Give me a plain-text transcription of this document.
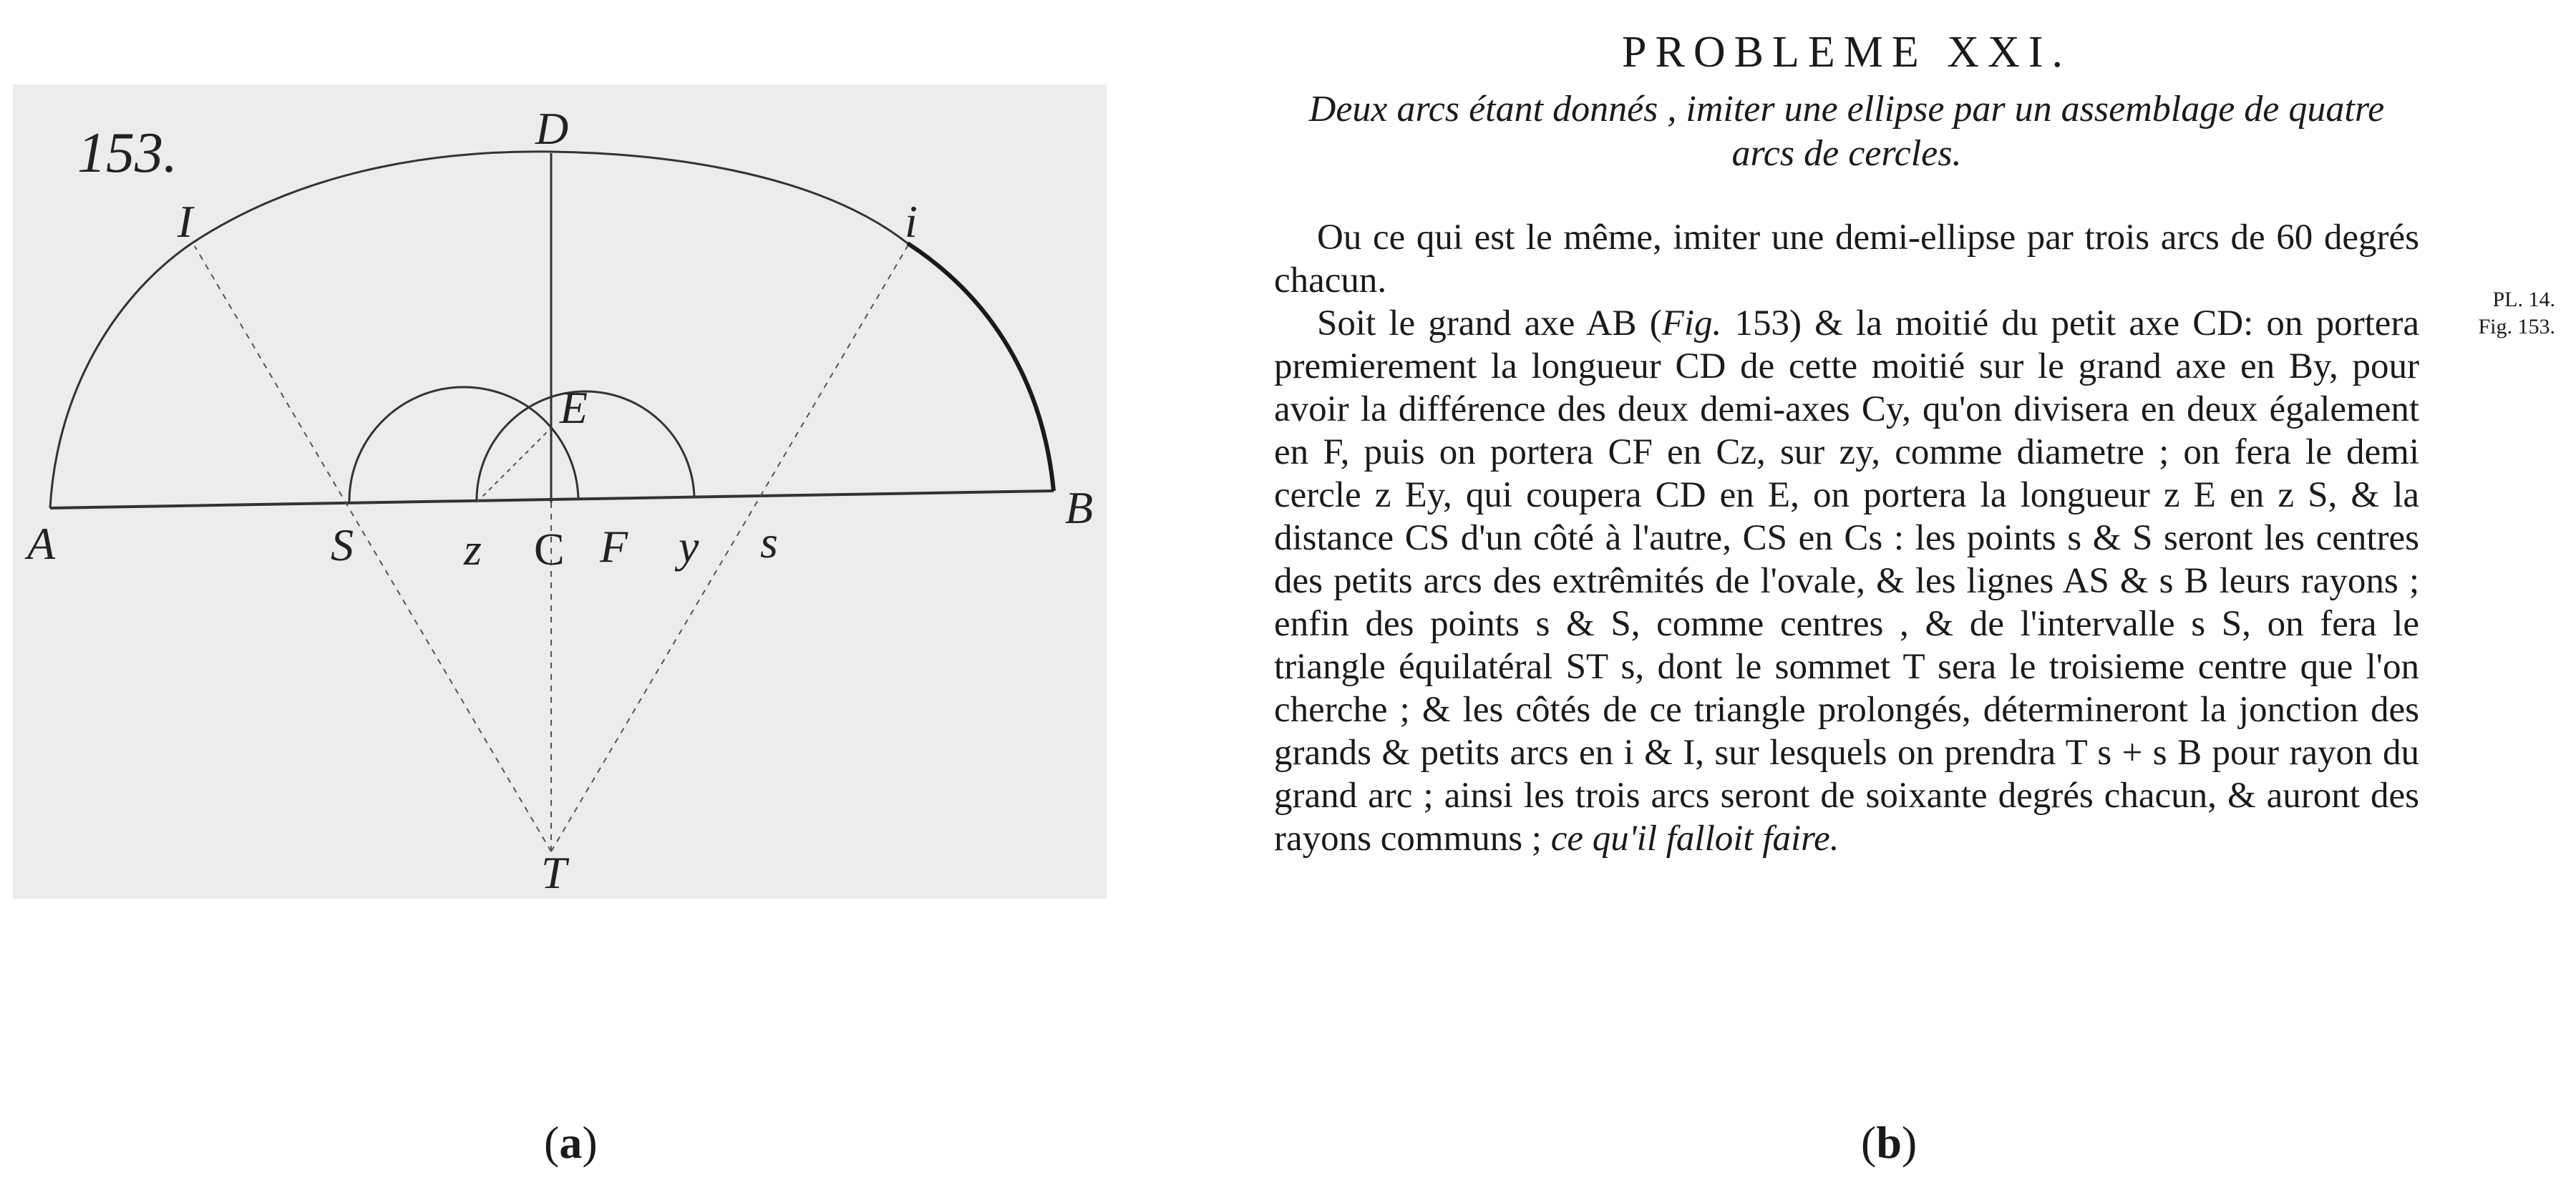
153.	D
I	i
E
A	S z C F y s
B
T
PROBLEME XXI.
Deux arcs étant donnés , imiter une ellipse par un assemblage de quatre arcs de cercles.

Ou ce qui est le même, imiter une demi-ellipse par trois arcs de 60 degrés chacun.

Soit le grand axe AB (Fig. 153) & la moitié du petit axe CD: on portera premierement la longueur CD de cette moitié sur le grand axe en By, pour avoir la différence des deux demi-axes Cy, qu'on divisera en deux également en F, puis on portera CF en Cz, sur zy, comme diametre ; on fera le demi cercle z Ey, qui coupera CD en E, on portera la longueur z E en z S, & la distance CS d'un côté à l'autre, CS en Cs : les points s & S seront les centres des petits arcs des extrêmités de l'ovale, & les lignes AS & s B leurs rayons ; enfin des points s & S, comme centres , & de l'intervalle s S, on fera le triangle équilatéral ST s, dont le sommet T sera le troisieme centre que l'on cherche ; & les côtés de ce triangle prolongés, détermineront la jonction des grands & petits arcs en i & I, sur lesquels on prendra T s + s B pour rayon du grand arc ; ainsi les trois arcs seront de soixante degrés chacun, & auront des rayons communs ; ce qu'il falloit faire.

PL. 14.
Fig. 153.
(a)	(b)
